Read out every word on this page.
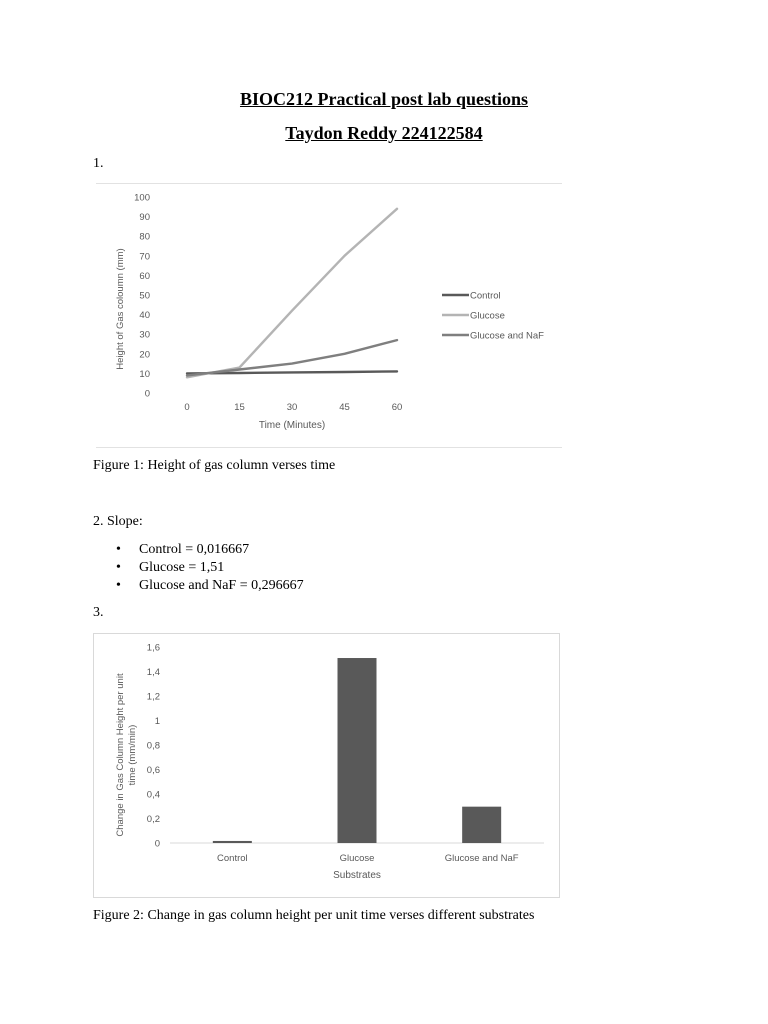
BIOC212 Practical post lab questions
Taydon Reddy 224122584
1.
0
10
20
30
40
50
60
70
80
90
100
0	15	30	45	60
Time (Minutes)
Height of Gas coloumn (mm)	Control
Glucose
Glucose and NaF
Figure 1: Height of gas column verses time
2. Slope:
• Control = 0,016667
• Glucose = 1,51
• Glucose and NaF = 0,296667
3.
0
0,2
0,4
0,6
0,8
1
1,2
1,4
1,6
Control	Glucose	Glucose and NaF
Substrates
Change in Gas Column Height per unit time (mm/min)
Figure 2: Change in gas column height per unit time verses different substrates
